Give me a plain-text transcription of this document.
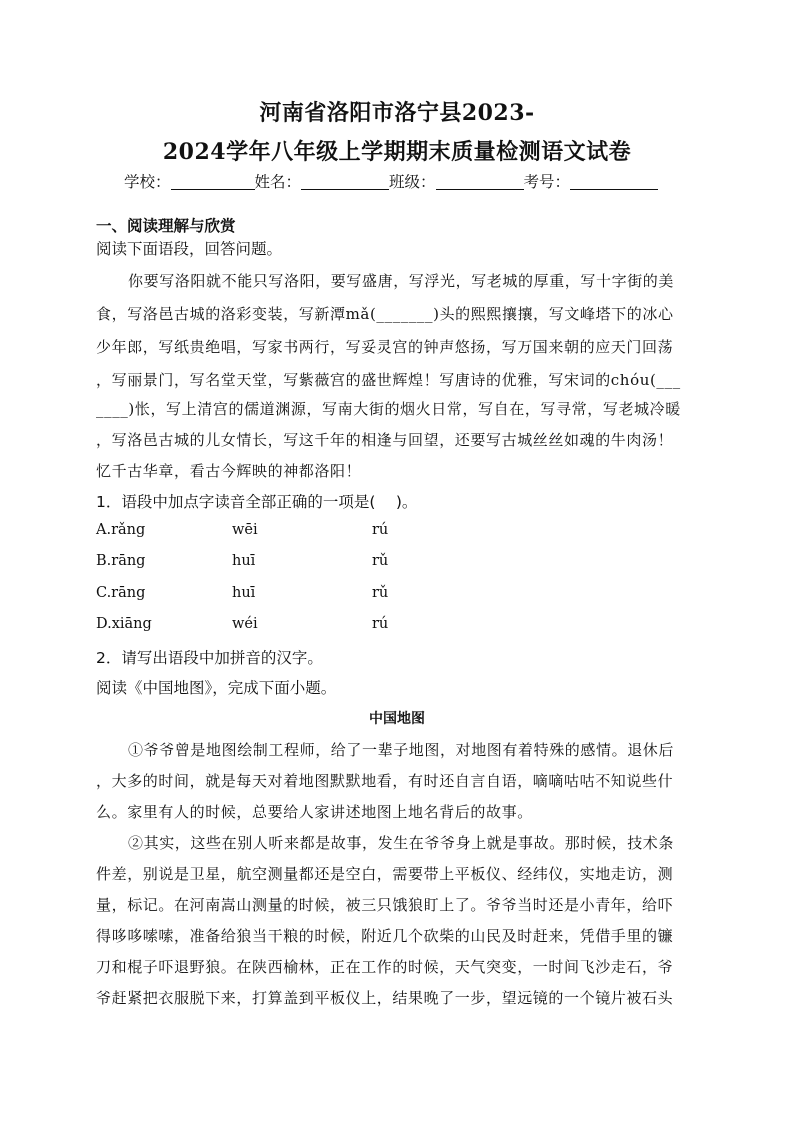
河南省洛阳市洛宁县2023-
2024学年八年级上学期期末质量检测语文试卷
学校：	姓名：	班级：	考号：
一、阅读理解与欣赏
阅读下面语段，回答问题。
你要写洛阳就不能只写洛阳，要写盛唐，写浮光，写老城的厚重，写十字街的美
食，写洛邑古城的洛彩变装，写新潭mǎ(_______)头的熙熙攘攘，写文峰塔下的冰心
少年郎，写纸贵绝唱，写家书两行，写妥灵宫的钟声悠扬，写万国来朝的应天门回荡
，写丽景门，写名堂天堂，写紫薇宫的盛世辉煌！写唐诗的优雅，写宋词的chóu(___
____)怅，写上清宫的儒道渊源，写南大街的烟火日常，写自在，写寻常，写老城冷暖
，写洛邑古城的儿女情长，写这千年的相逢与回望，还要写古城丝丝如魂的牛肉汤！
忆千古华章，看古今辉映的神都洛阳！
1．语段中加点字读音全部正确的一项是(　 )。
A.rǎng	wēi	rú
B.rāng	huī	rǔ
C.rāng	huī	rǔ
D.xiāng	wéi	rú
2．请写出语段中加拼音的汉字。
阅读《中国地图》，完成下面小题。
中国地图
①爷爷曾是地图绘制工程师，给了一辈子地图，对地图有着特殊的感情。退休后
，大多的时间，就是每天对着地图默默地看，有时还自言自语，嘀嘀咕咕不知说些什
么。家里有人的时候，总要给人家讲述地图上地名背后的故事。
②其实，这些在别人听来都是故事，发生在爷爷身上就是事故。那时候，技术条
件差，别说是卫星，航空测量都还是空白，需要带上平板仪、经纬仪，实地走访，测
量，标记。在河南嵩山测量的时候，被三只饿狼盯上了。爷爷当时还是小青年，给吓
得哆哆嗦嗦，准备给狼当干粮的时候，附近几个砍柴的山民及时赶来，凭借手里的镰
刀和棍子吓退野狼。在陕西榆林，正在工作的时候，天气突变，一时间飞沙走石，爷
爷赶紧把衣服脱下来，打算盖到平板仪上，结果晚了一步，望远镜的一个镜片被石头
